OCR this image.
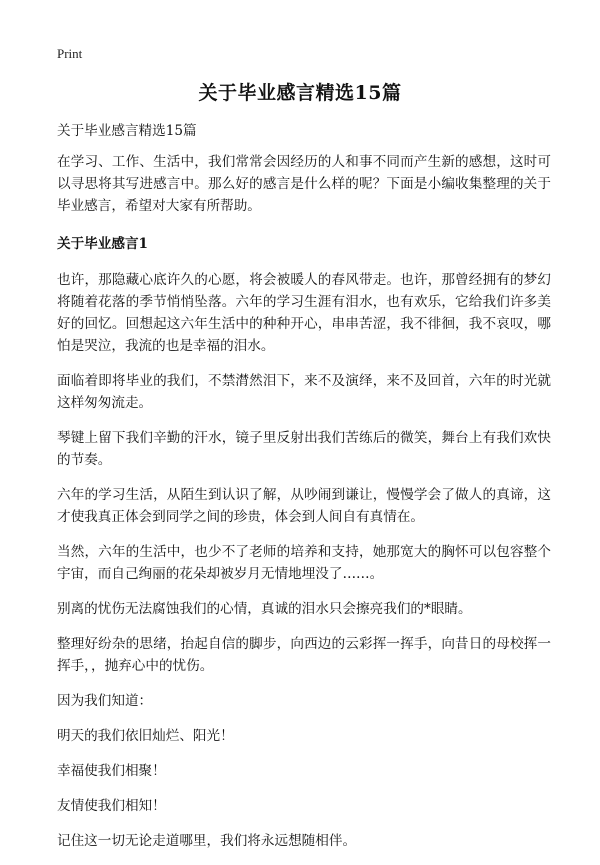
Print
关于毕业感言精选15篇

关于毕业感言精选15篇

在学习、工作、生活中，我们常常会因经历的人和事不同而产生新的感想，这时可以寻思将其写进感言中。那么好的感言是什么样的呢？下面是小编收集整理的关于毕业感言，希望对大家有所帮助。

关于毕业感言1

也许，那隐藏心底许久的心愿，将会被暖人的春风带走。也许，那曾经拥有的梦幻将随着花落的季节悄悄坠落。六年的学习生涯有泪水，也有欢乐，它给我们许多美好的回忆。回想起这六年生活中的种种开心，串串苦涩，我不徘徊，我不哀叹，哪怕是哭泣，我流的也是幸福的泪水。

面临着即将毕业的我们，不禁潸然泪下，来不及演绎，来不及回首，六年的时光就这样匆匆流走。

琴键上留下我们辛勤的汗水，镜子里反射出我们苦练后的微笑，舞台上有我们欢快的节奏。

六年的学习生活，从陌生到认识了解，从吵闹到谦让，慢慢学会了做人的真谛，这才使我真正体会到同学之间的珍贵，体会到人间自有真情在。

当然，六年的生活中，也少不了老师的培养和支持，她那宽大的胸怀可以包容整个宇宙，而自己绚丽的花朵却被岁月无情地埋没了……。

别离的忧伤无法腐蚀我们的心情，真诚的泪水只会擦亮我们的*眼睛。

整理好纷杂的思绪，抬起自信的脚步，向西边的云彩挥一挥手，向昔日的母校挥一挥手，，抛弃心中的忧伤。

因为我们知道：

明天的我们依旧灿烂、阳光！

幸福使我们相聚！

友情使我们相知！

记住这一切无论走道哪里，我们将永远想随相伴。
